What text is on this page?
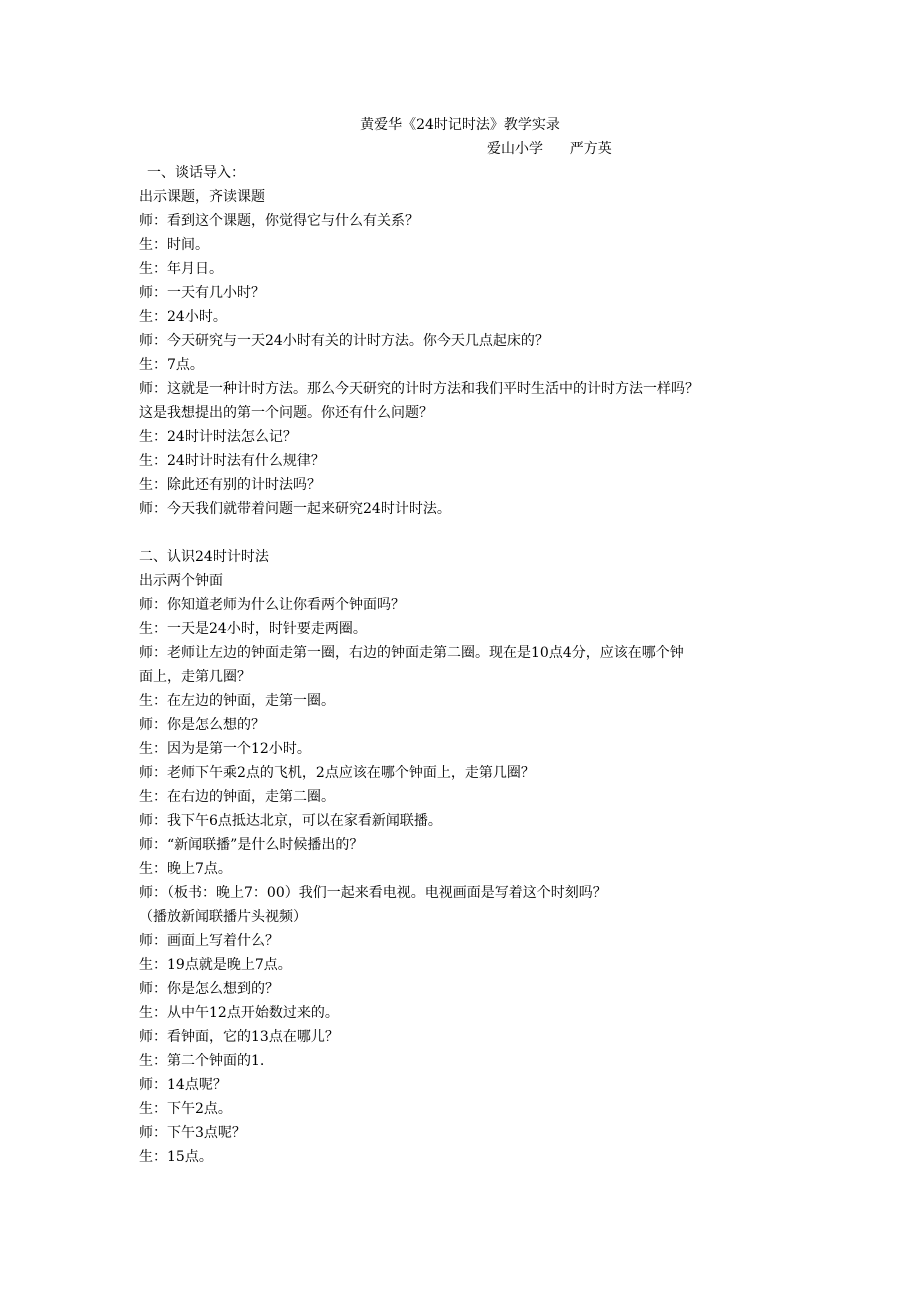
黄爱华《24时记时法》教学实录
爱山小学      严方英
一、谈话导入：
出示课题，齐读课题
师：看到这个课题，你觉得它与什么有关系？
生：时间。
生：年月日。
师：一天有几小时？
生：24小时。
师：今天研究与一天24小时有关的计时方法。你今天几点起床的？
生：7点。
师：这就是一种计时方法。那么今天研究的计时方法和我们平时生活中的计时方法一样吗？
这是我想提出的第一个问题。你还有什么问题？
生：24时计时法怎么记？
生：24时计时法有什么规律？
生：除此还有别的计时法吗？
师：今天我们就带着问题一起来研究24时计时法。
二、认识24时计时法
出示两个钟面
师：你知道老师为什么让你看两个钟面吗？
生：一天是24小时，时针要走两圈。
师：老师让左边的钟面走第一圈，右边的钟面走第二圈。现在是10点4分，应该在哪个钟
面上，走第几圈？
生：在左边的钟面，走第一圈。
师：你是怎么想的？
生：因为是第一个12小时。
师：老师下午乘2点的飞机，2点应该在哪个钟面上，走第几圈？
生：在右边的钟面，走第二圈。
师：我下午6点抵达北京，可以在家看新闻联播。
师：“新闻联播”是什么时候播出的？
生：晚上7点。
师：（板书：晚上7：00）我们一起来看电视。电视画面是写着这个时刻吗？
（播放新闻联播片头视频）
师：画面上写着什么？
生：19点就是晚上7点。
师：你是怎么想到的？
生：从中午12点开始数过来的。
师：看钟面，它的13点在哪儿？
生：第二个钟面的1.
师：14点呢？
生：下午2点。
师：下午3点呢？
生：15点。
